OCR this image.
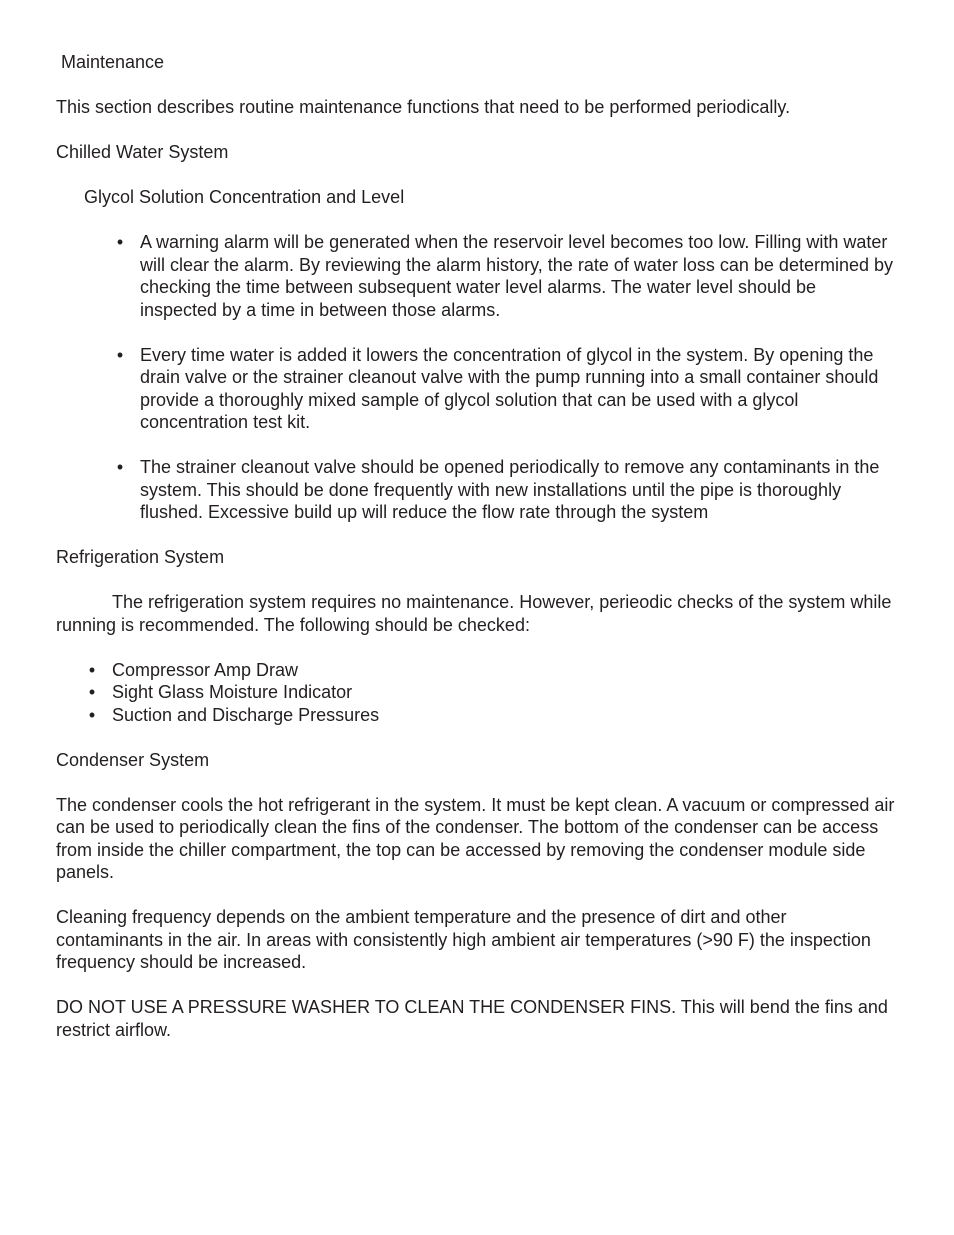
Maintenance

This section describes routine maintenance functions that need to be performed periodically.

Chilled Water System

Glycol Solution Concentration and Level

• A warning alarm will be generated when the reservoir level becomes too low. Filling with water will clear the alarm. By reviewing the alarm history, the rate of water loss can be determined by checking the time between subsequent water level alarms. The water level should be inspected by a time in between those alarms.
• Every time water is added it lowers the concentration of glycol in the system. By opening the drain valve or the strainer cleanout valve with the pump running into a small container should provide a thoroughly mixed sample of glycol solution that can be used with a glycol concentration test kit.
• The strainer cleanout valve should be opened periodically to remove any contaminants in the system. This should be done frequently with new installations until the pipe is thoroughly flushed. Excessive build up will reduce the flow rate through the system

Refrigeration System

The refrigeration system requires no maintenance. However, perieodic checks of the system while running is recommended. The following should be checked:

• Compressor Amp Draw
• Sight Glass Moisture Indicator
• Suction and Discharge Pressures

Condenser System

The condenser cools the hot refrigerant in the system. It must be kept clean. A vacuum or compressed air can be used to periodically clean the fins of the condenser. The bottom of the condenser can be access from inside the chiller compartment, the top can be accessed by removing the condenser module side panels.

Cleaning frequency depends on the ambient temperature and the presence of dirt and other contaminants in the air. In areas with consistently high ambient air temperatures (>90 F) the inspection frequency should be increased.

DO NOT USE A PRESSURE WASHER TO CLEAN THE CONDENSER FINS. This will bend the fins and restrict airflow.
